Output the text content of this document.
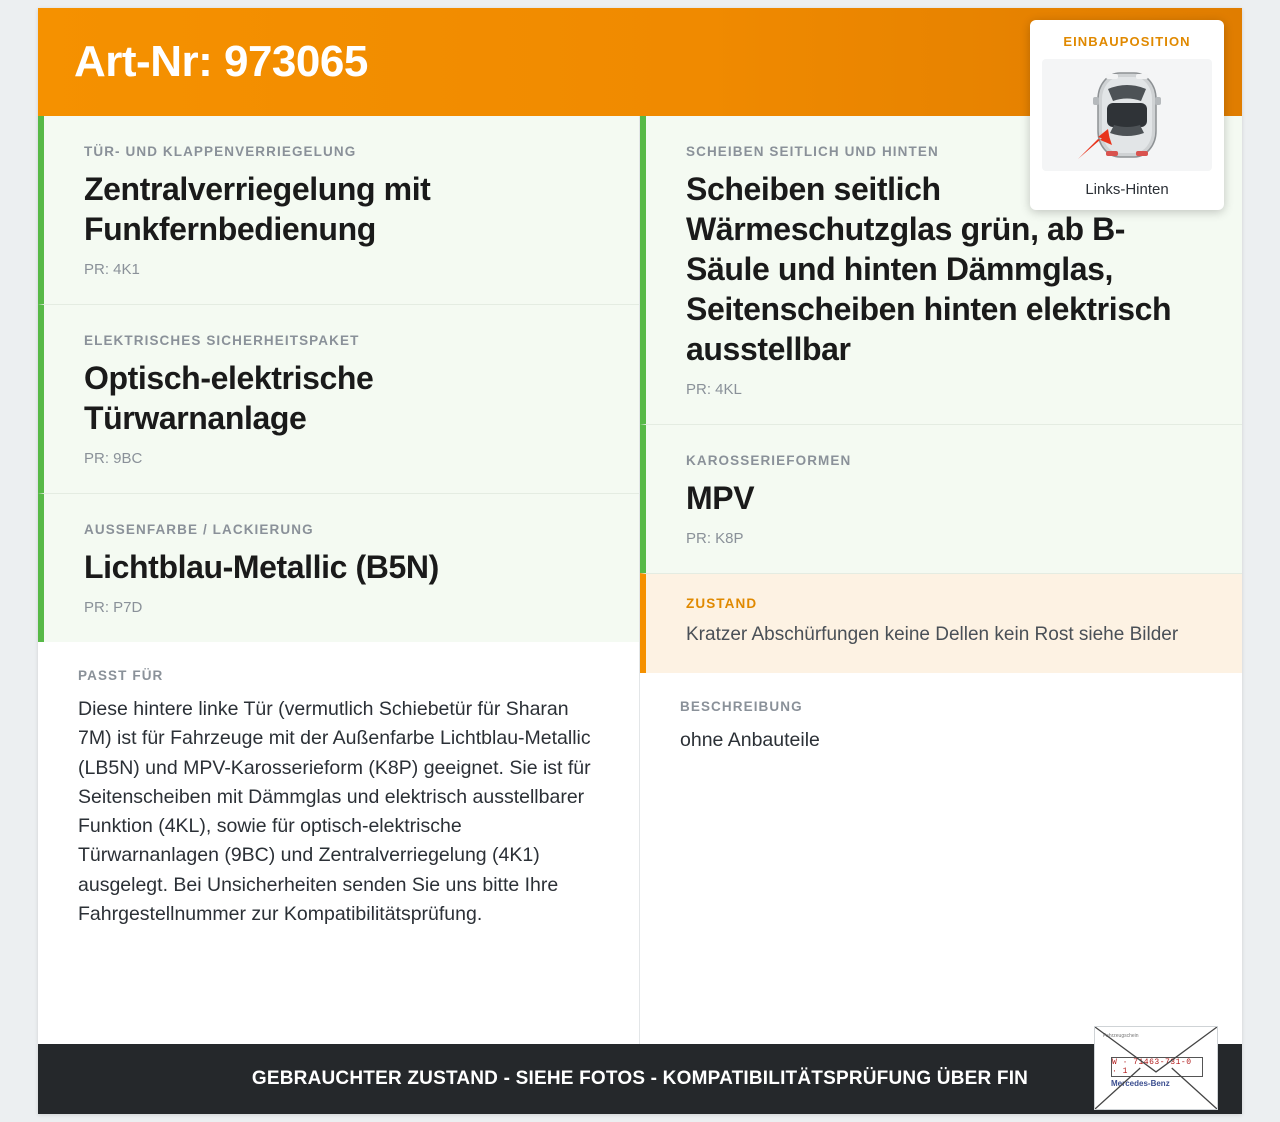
Art-Nr: 973065
TÜR- UND KLAPPENVERRIEGELUNG
Zentralverriegelung mit Funkfernbedienung
PR: 4K1
ELEKTRISCHES SICHERHEITSPAKET
Optisch-elektrische Türwarnanlage
PR: 9BC
AUSSENFARBE / LACKIERUNG
Lichtblau-Metallic (B5N)
PR: P7D
PASST FÜR
Diese hintere linke Tür (vermutlich Schiebetür für Sharan 7M) ist für Fahrzeuge mit der Außenfarbe Lichtblau-Metallic (LB5N) und MPV-Karosserieform (K8P) geeignet. Sie ist für Seitenscheiben mit Dämmglas und elektrisch ausstellbarer Funktion (4KL), sowie für optisch-elektrische Türwarnanlagen (9BC) und Zentralverriegelung (4K1) ausgelegt. Bei Unsicherheiten senden Sie uns bitte Ihre Fahrgestellnummer zur Kompatibilitätsprüfung.
SCHEIBEN SEITLICH UND HINTEN
Scheiben seitlich Wärmeschutzglas grün, ab B-Säule und hinten Dämmglas, Seitenscheiben hinten elektrisch ausstellbar
PR: 4KL
KAROSSERIEFORMEN
MPV
PR: K8P
ZUSTAND
Kratzer Abschürfungen keine Dellen kein Rost siehe Bilder
BESCHREIBUNG
ohne Anbauteile
GEBRAUCHTER ZUSTAND - SIEHE FOTOS - KOMPATIBILITÄTSPRÜFUNG ÜBER FIN
Fahrzeugschein
W · 71463-731-0 · 1
Mercedes-Benz
EINBAUPOSITION
Links-Hinten
